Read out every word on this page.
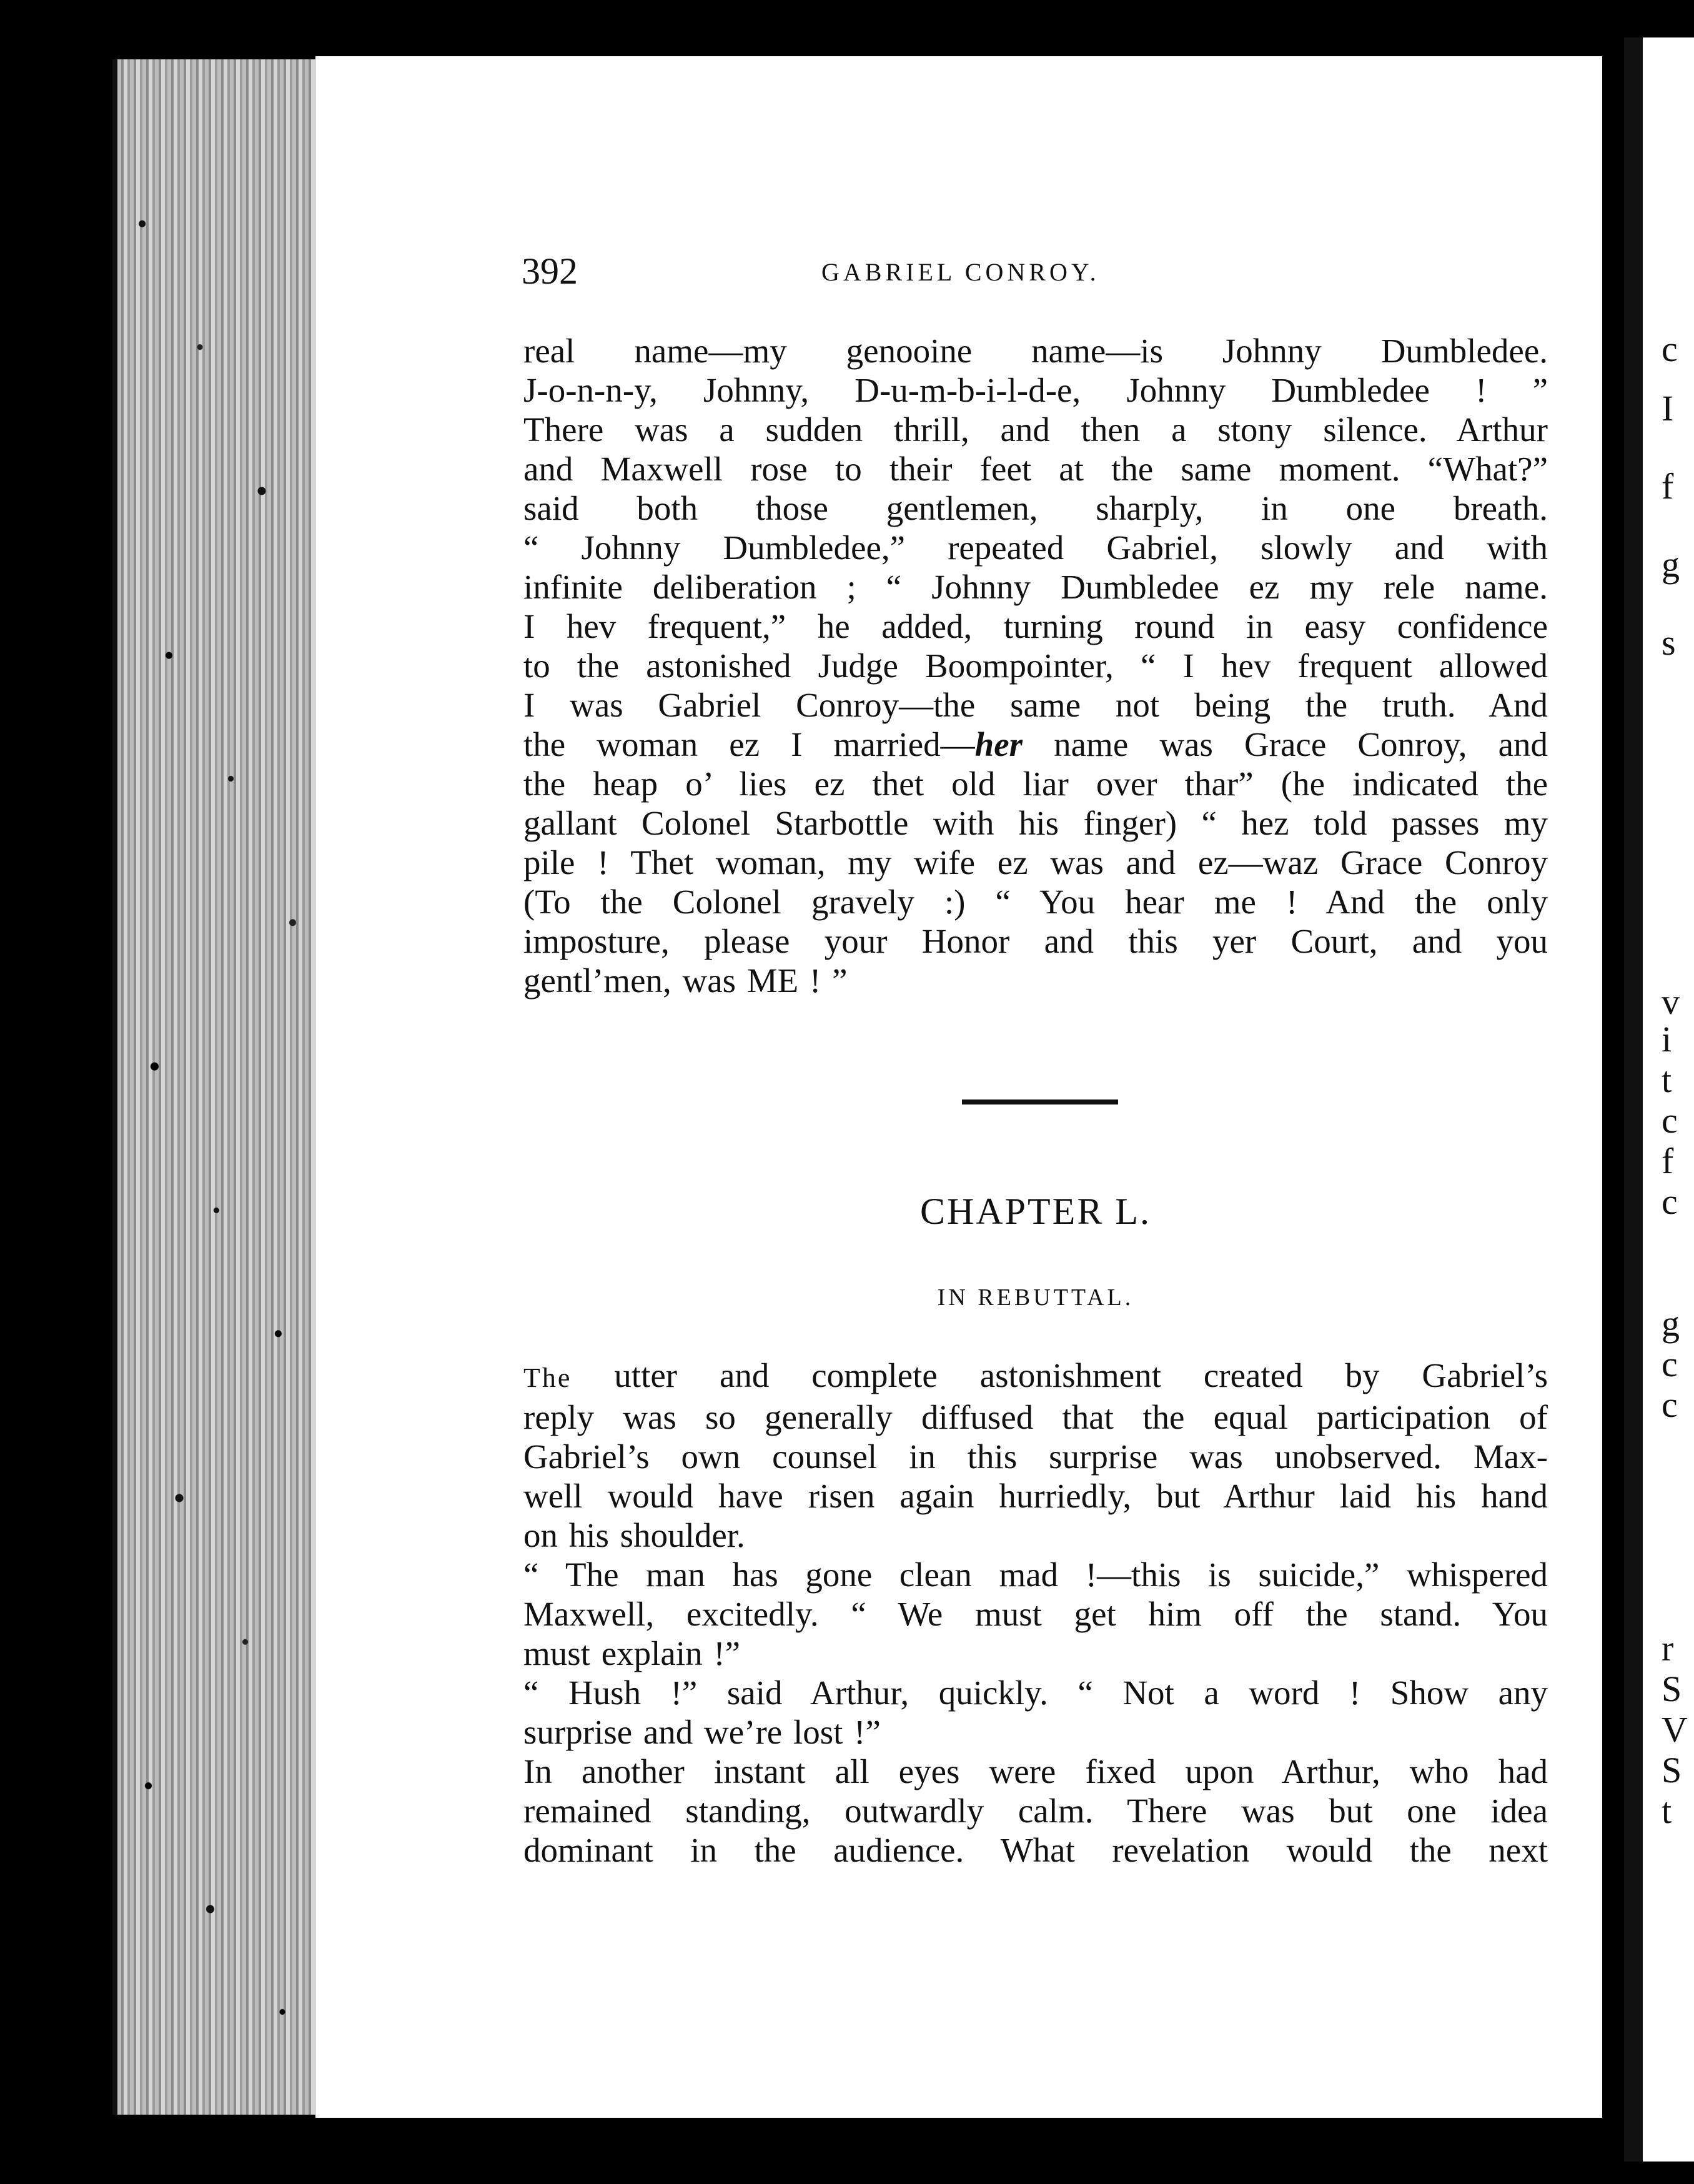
c
I
f
g
s
v
i
t
c
f
c
g
c
c
r
S
V
S
t
392	GABRIEL CONROY.

real name—my genooine name—is Johnny Dumbledee.

J-o-n-n-y, Johnny, D-u-m-b-i-l-d-e, Johnny Dumbledee ! ”

There was a sudden thrill, and then a stony silence. Arthur

and Maxwell rose to their feet at the same moment. “What?”

said both those gentlemen, sharply, in one breath.

“ Johnny Dumbledee,” repeated Gabriel, slowly and with

infinite deliberation ; “ Johnny Dumbledee ez my rele name.

I hev frequent,” he added, turning round in easy confidence

to the astonished Judge Boompointer, “ I hev frequent allowed

I was Gabriel Conroy—the same not being the truth. And

the woman ez I married—her name was Grace Conroy, and

the heap o’ lies ez thet old liar over thar” (he indicated the

gallant Colonel Starbottle with his finger) “ hez told passes my

pile ! Thet woman, my wife ez was and ez—waz Grace Conroy

(To the Colonel gravely :) “ You hear me ! And the only

imposture, please your Honor and this yer Court, and you

gentl’men, was ME ! ”

CHAPTER L.
IN REBUTTAL.

The utter and complete astonishment created by Gabriel’s

reply was so generally diffused that the equal participation of

Gabriel’s own counsel in this surprise was unobserved. Max-

well would have risen again hurriedly, but Arthur laid his hand

on his shoulder.

“ The man has gone clean mad !—this is suicide,” whispered

Maxwell, excitedly. “ We must get him off the stand. You

must explain !”

“ Hush !” said Arthur, quickly. “ Not a word ! Show any

surprise and we’re lost !”

In another instant all eyes were fixed upon Arthur, who had

remained standing, outwardly calm. There was but one idea

dominant in the audience. What revelation would the next
